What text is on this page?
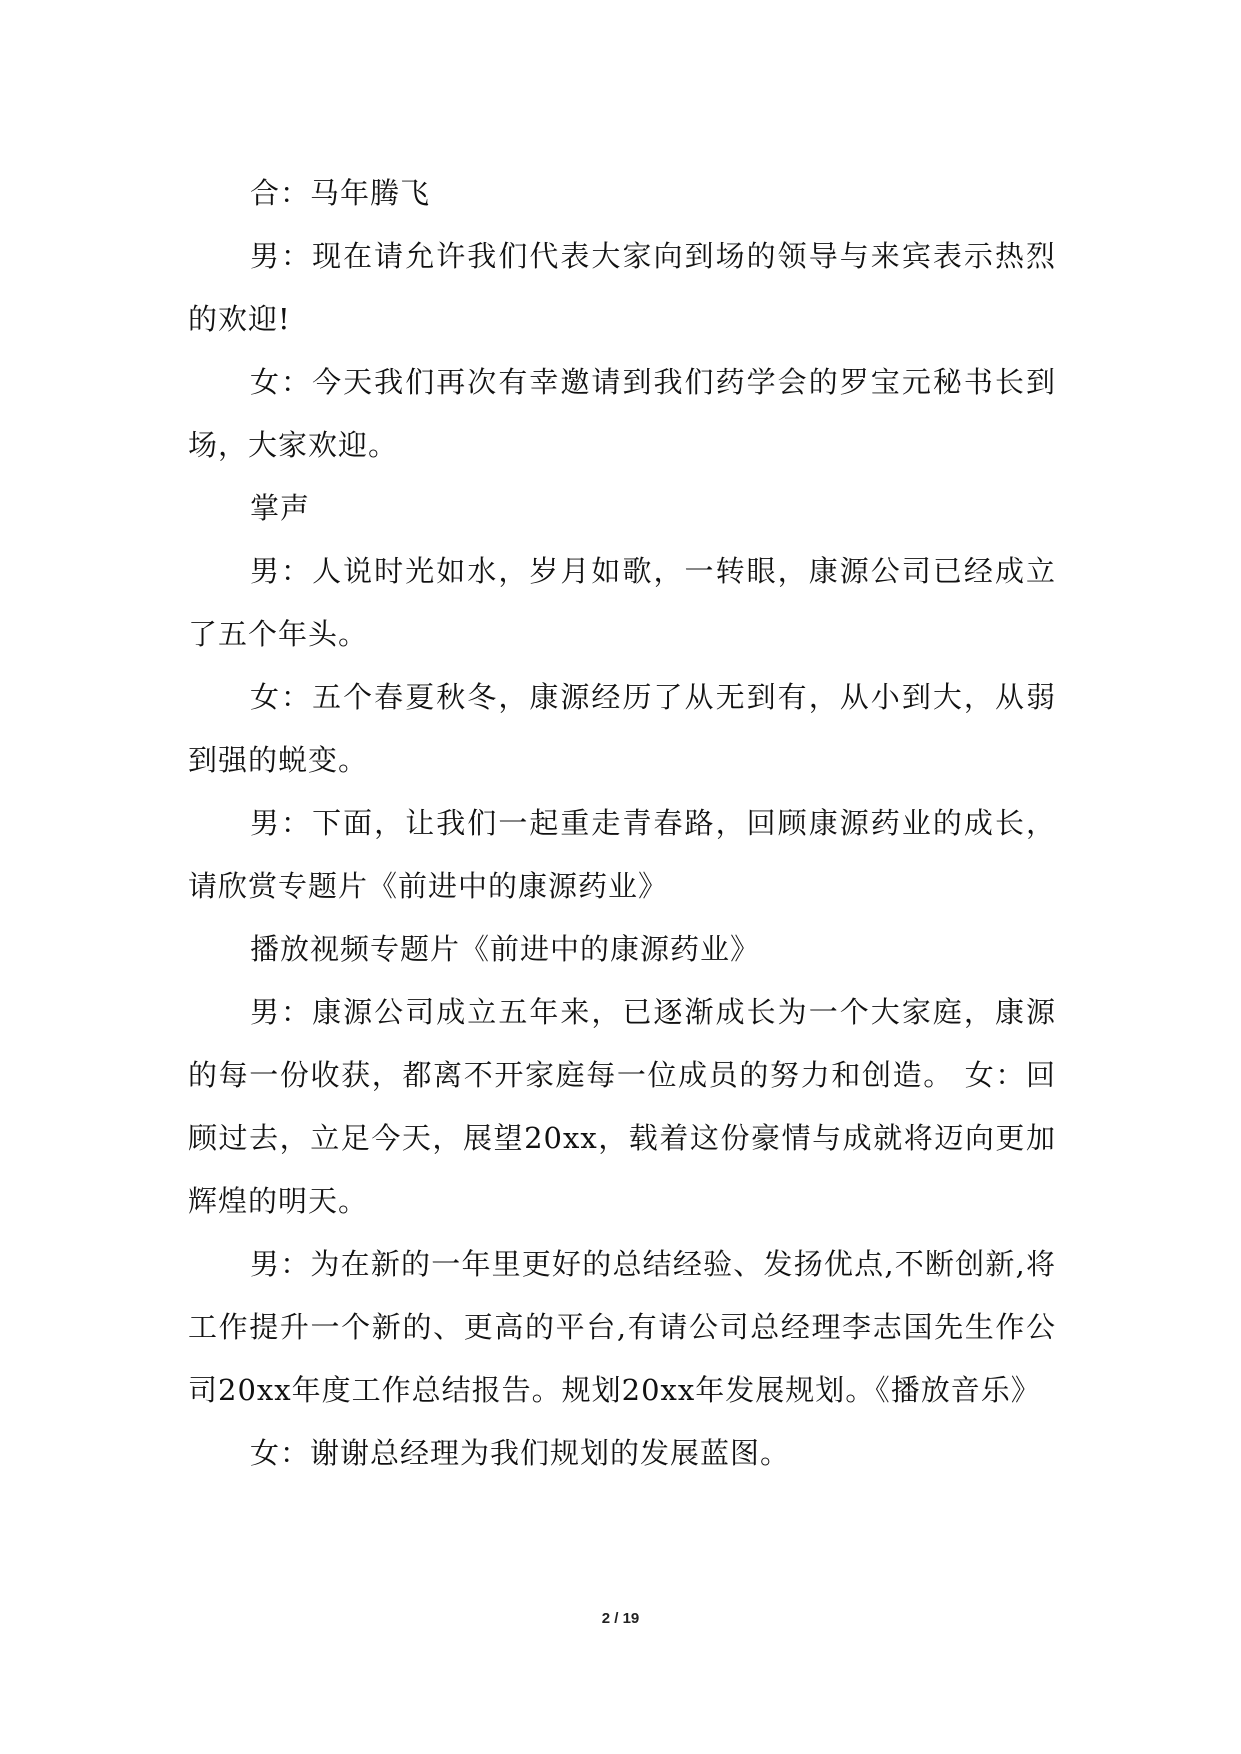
合：马年腾飞

男：现在请允许我们代表大家向到场的领导与来宾表示热烈的欢迎!

女：今天我们再次有幸邀请到我们药学会的罗宝元秘书长到场，大家欢迎。

掌声

男：人说时光如水，岁月如歌，一转眼，康源公司已经成立了五个年头。

女：五个春夏秋冬，康源经历了从无到有，从小到大，从弱到强的蜕变。

男：下面，让我们一起重走青春路，回顾康源药业的成长，请欣赏专题片《前进中的康源药业》

播放视频专题片《前进中的康源药业》

男：康源公司成立五年来，已逐渐成长为一个大家庭，康源的每一份收获，都离不开家庭每一位成员的努力和创造。 女：回顾过去，立足今天，展望20xx，载着这份豪情与成就将迈向更加辉煌的明天。

男：为在新的一年里更好的总结经验、发扬优点,不断创新,将工作提升一个新的、更高的平台,有请公司总经理李志国先生作公司20xx年度工作总结报告。规划20xx年发展规划。《播放音乐》

女：谢谢总经理为我们规划的发展蓝图。

2 / 19
